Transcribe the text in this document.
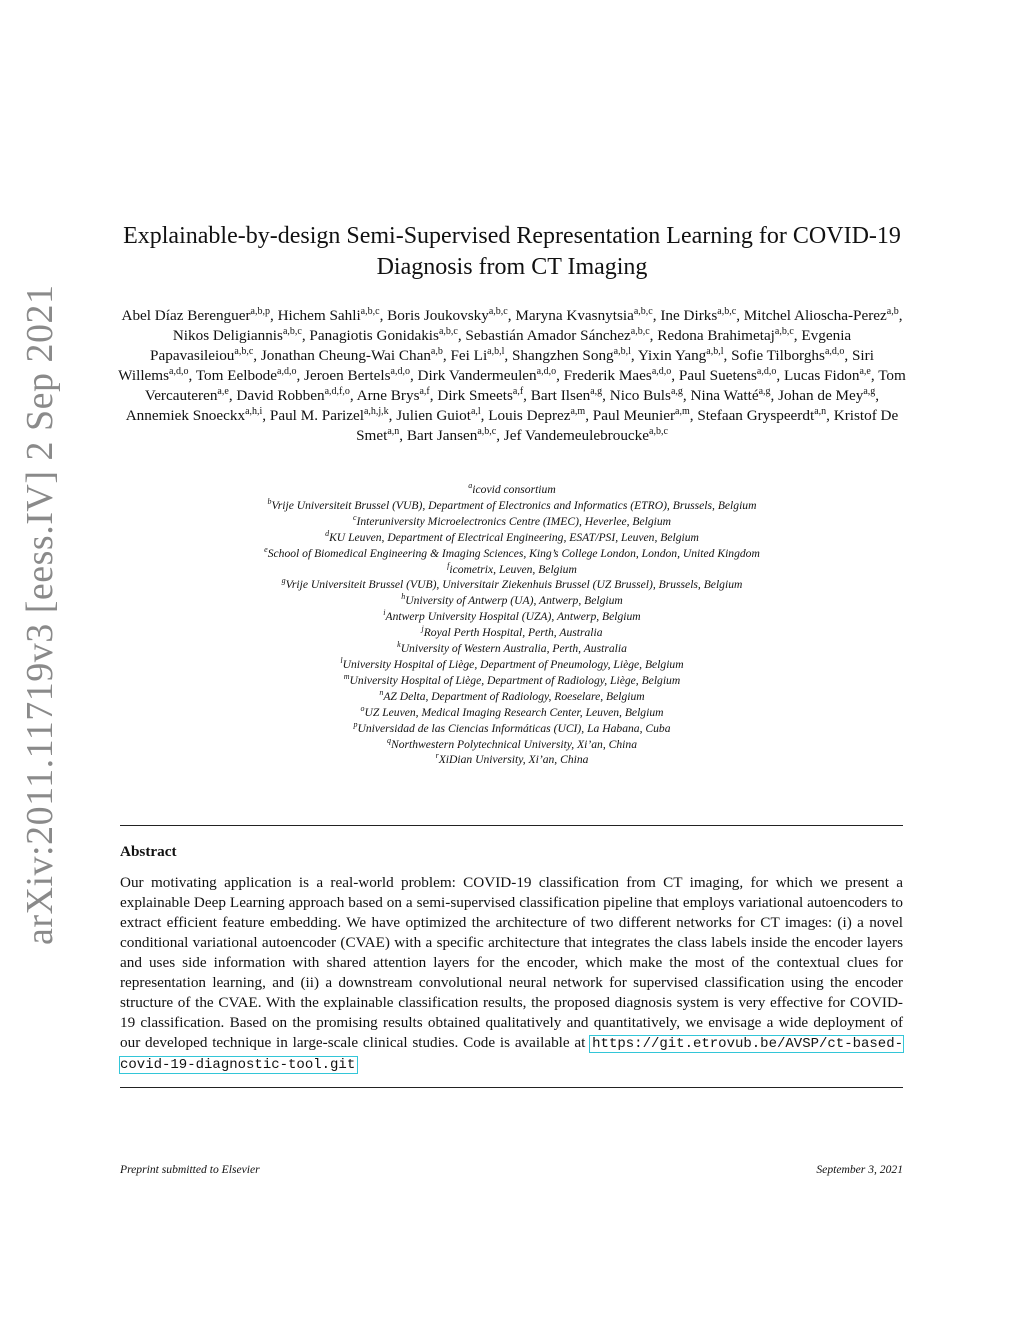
arXiv:2011.11719v3 [eess.IV] 2 Sep 2021
Explainable-by-design Semi-Supervised Representation Learning for COVID-19
Diagnosis from CT Imaging
Abel Díaz Berenguer$^{a,b,p}$, Hichem Sahli$^{a,b,c}$, Boris Joukovsky$^{a,b,c}$, Maryna Kvasnytsia$^{a,b,c}$, Ine Dirks$^{a,b,c}$, Mitchel Alioscha-Perez$^{a,b}$, Nikos Deligiannis$^{a,b,c}$, Panagiotis Gonidakis$^{a,b,c}$, Sebastián Amador Sánchez$^{a,b,c}$, Redona Brahimetaj$^{a,b,c}$, Evgenia Papavasileiou$^{a,b,c}$, Jonathan Cheung-Wai Chan$^{a,b}$, Fei Li$^{a,b,l}$, Shangzhen Song$^{a,b,l}$, Yixin Yang$^{a,b,l}$, Sofie Tilborghs$^{a,d,o}$, Siri Willems$^{a,d,o}$, Tom Eelbode$^{a,d,o}$, Jeroen Bertels$^{a,d,o}$, Dirk Vandermeulen$^{a,d,o}$, Frederik Maes$^{a,d,o}$, Paul Suetens$^{a,d,o}$, Lucas Fidon$^{a,e}$, Tom Vercauteren$^{a,e}$, David Robben$^{a,d,f,o}$, Arne Brys$^{a,f}$, Dirk Smeets$^{a,f}$, Bart Ilsen$^{a,g}$, Nico Buls$^{a,g}$, Nina Watté$^{a,g}$, Johan de Mey$^{a,g}$, Annemiek Snoeckx$^{a,h,i}$, Paul M. Parizel$^{a,h,j,k}$, Julien Guiot$^{a,l}$, Louis Deprez$^{a,m}$, Paul Meunier$^{a,m}$, Stefaan Gryspeerdt$^{a,n}$, Kristof De Smet$^{a,n}$, Bart Jansen$^{a,b,c}$, Jef Vandemeulebroucke$^{a,b,c}$
$^a$icovid consortium
$^b$Vrije Universiteit Brussel (VUB), Department of Electronics and Informatics (ETRO), Brussels, Belgium
$^c$Interuniversity Microelectronics Centre (IMEC), Heverlee, Belgium
$^d$KU Leuven, Department of Electrical Engineering, ESAT/PSI, Leuven, Belgium
$^e$School of Biomedical Engineering & Imaging Sciences, King’s College London, London, United Kingdom
$^f$icometrix, Leuven, Belgium
$^g$Vrije Universiteit Brussel (VUB), Universitair Ziekenhuis Brussel (UZ Brussel), Brussels, Belgium
$^h$University of Antwerp (UA), Antwerp, Belgium
$^i$Antwerp University Hospital (UZA), Antwerp, Belgium
$^j$Royal Perth Hospital, Perth, Australia
$^k$University of Western Australia, Perth, Australia
$^l$University Hospital of Liège, Department of Pneumology, Liège, Belgium
$^m$University Hospital of Liège, Department of Radiology, Liège, Belgium
$^n$AZ Delta, Department of Radiology, Roeselare, Belgium
$^o$UZ Leuven, Medical Imaging Research Center, Leuven, Belgium
$^p$Universidad de las Ciencias Informáticas (UCI), La Habana, Cuba
$^q$Northwestern Polytechnical University, Xi’an, China
$^r$XiDian University, Xi’an, China
Abstract

Our motivating application is a real-world problem: COVID-19 classification from CT imaging, for which we present a explainable Deep Learning approach based on a semi-supervised classification pipeline that employs variational autoencoders to extract efficient feature embedding. We have optimized the architecture of two different networks for CT images: (i) a novel conditional variational autoencoder (CVAE) with a specific architecture that integrates the class labels inside the encoder layers and uses side information with shared attention layers for the encoder, which make the most of the contextual clues for representation learning, and (ii) a downstream convolutional neural network for supervised classification using the encoder structure of the CVAE. With the explainable classification results, the proposed diagnosis system is very effective for COVID-19 classification. Based on the promising results obtained qualitatively and quantitatively, we envisage a wide deployment of our developed technique in large-scale clinical studies. Code is available at https://git.etrovub.be/AVSP/ct-based-covid-19-diagnostic-tool.git

Preprint submitted to Elsevier	September 3, 2021
